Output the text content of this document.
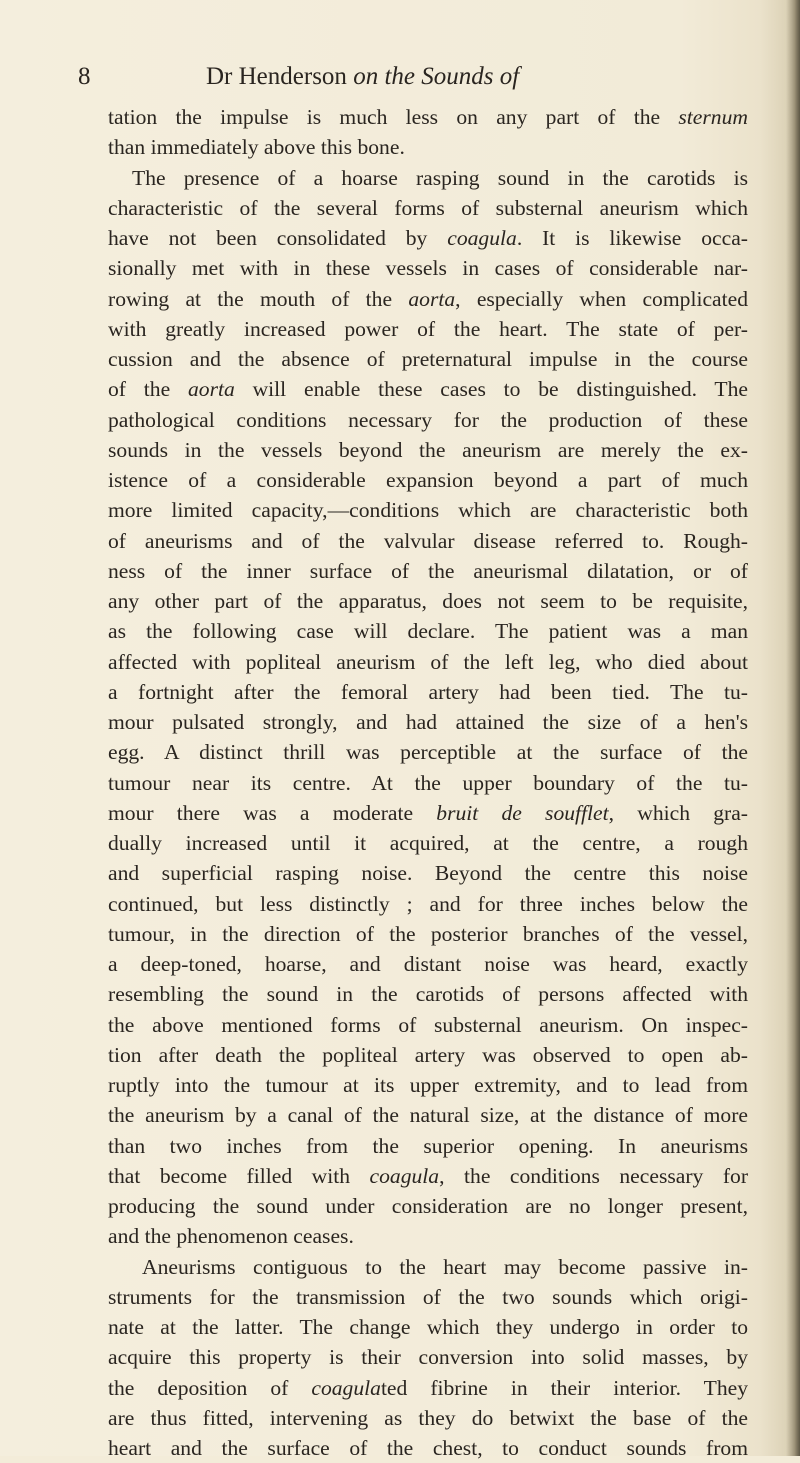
8	Dr Henderson on the Sounds of
tation the impulse is much less on any part of the sternum
than immediately above this bone.
The presence of a hoarse rasping sound in the carotids is
characteristic of the several forms of substernal aneurism which
have not been consolidated by coagula. It is likewise occa-
sionally met with in these vessels in cases of considerable nar-
rowing at the mouth of the aorta, especially when complicated
with greatly increased power of the heart. The state of per-
cussion and the absence of preternatural impulse in the course
of the aorta will enable these cases to be distinguished. The
pathological conditions necessary for the production of these
sounds in the vessels beyond the aneurism are merely the ex-
istence of a considerable expansion beyond a part of much
more limited capacity,—conditions which are characteristic both
of aneurisms and of the valvular disease referred to. Rough-
ness of the inner surface of the aneurismal dilatation, or of
any other part of the apparatus, does not seem to be requisite,
as the following case will declare. The patient was a man
affected with popliteal aneurism of the left leg, who died about
a fortnight after the femoral artery had been tied. The tu-
mour pulsated strongly, and had attained the size of a hen's
egg. A distinct thrill was perceptible at the surface of the
tumour near its centre. At the upper boundary of the tu-
mour there was a moderate bruit de soufflet, which gra-
dually increased until it acquired, at the centre, a rough
and superficial rasping noise. Beyond the centre this noise
continued, but less distinctly ; and for three inches below the
tumour, in the direction of the posterior branches of the vessel,
a deep-toned, hoarse, and distant noise was heard, exactly
resembling the sound in the carotids of persons affected with
the above mentioned forms of substernal aneurism. On inspec-
tion after death the popliteal artery was observed to open ab-
ruptly into the tumour at its upper extremity, and to lead from
the aneurism by a canal of the natural size, at the distance of more
than two inches from the superior opening. In aneurisms
that become filled with coagula, the conditions necessary for
producing the sound under consideration are no longer present,
and the phenomenon ceases.
Aneurisms contiguous to the heart may become passive in-
struments for the transmission of the two sounds which origi-
nate at the latter. The change which they undergo in order to
acquire this property is their conversion into solid masses, by
the deposition of coagulated fibrine in their interior. They
are thus fitted, intervening as they do betwixt the base of the
heart and the surface of the chest, to conduct sounds from
